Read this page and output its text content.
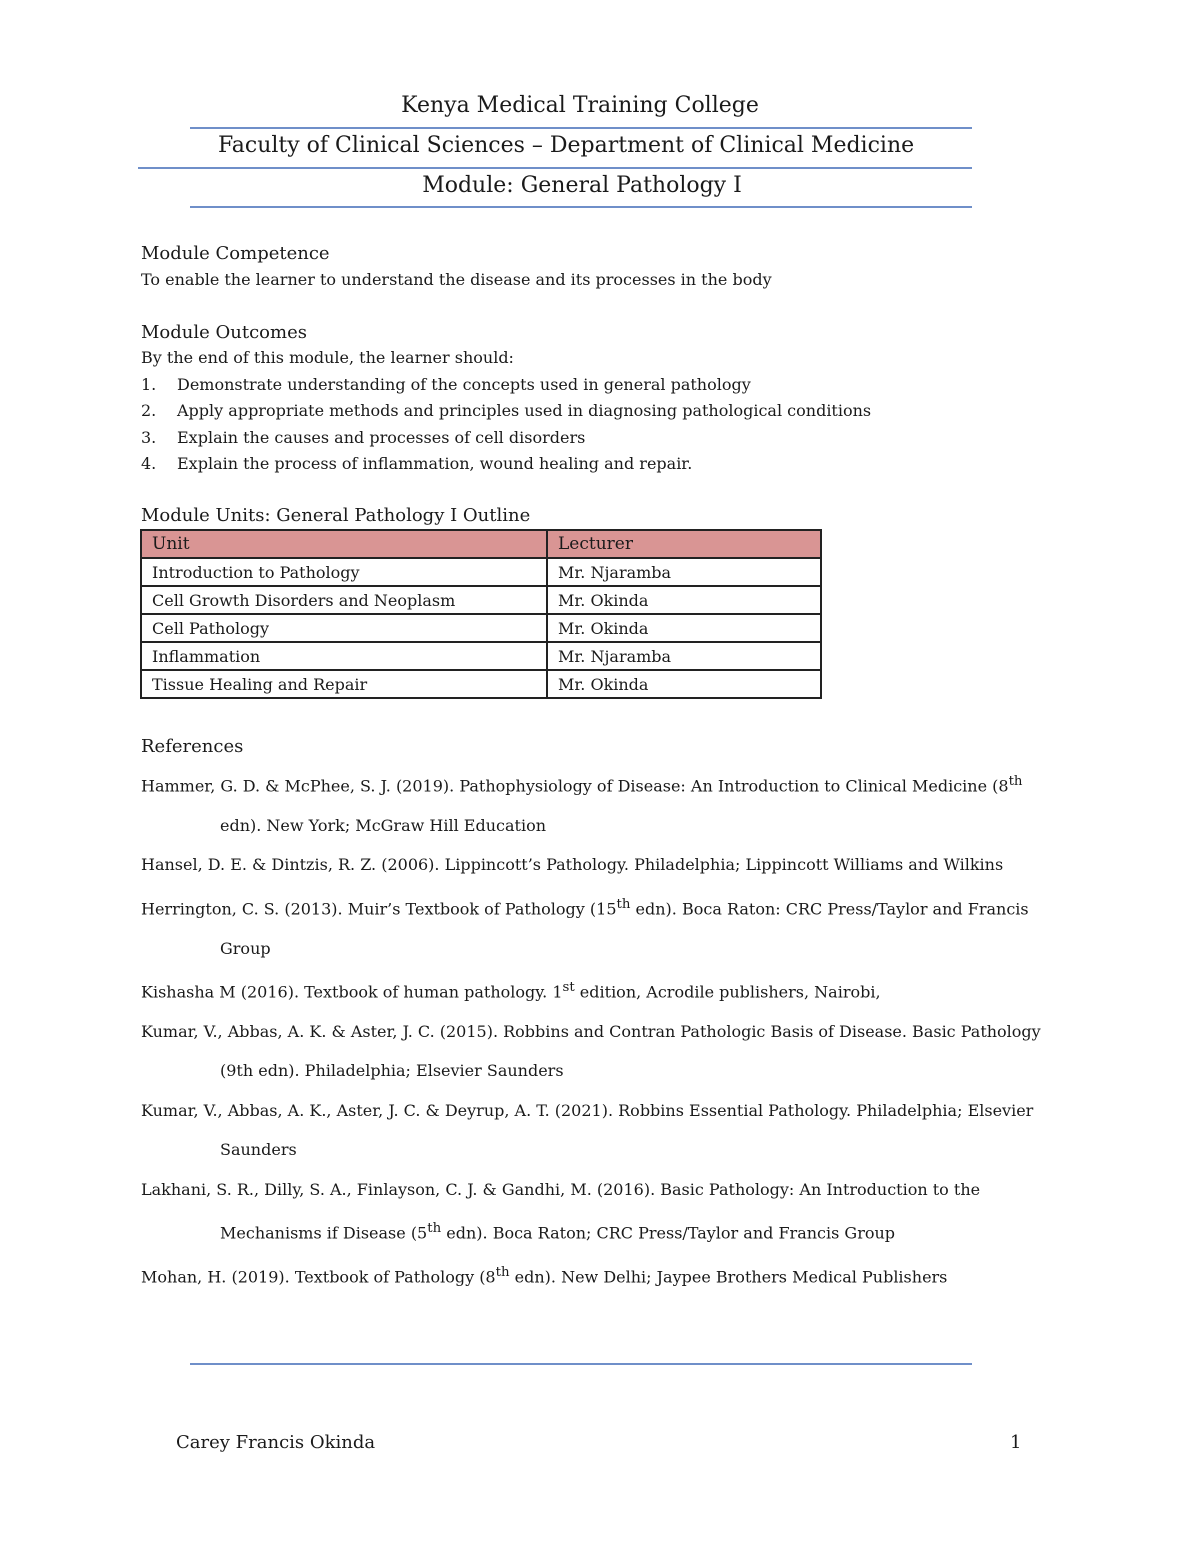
Kenya Medical Training College
Faculty of Clinical Sciences – Department of Clinical Medicine
Module: General Pathology I
Module Competence
To enable the learner to understand the disease and its processes in the body
Module Outcomes
By the end of this module, the learner should:
1.	Demonstrate understanding of the concepts used in general pathology
2.	Apply appropriate methods and principles used in diagnosing pathological conditions
3.	Explain the causes and processes of cell disorders
4.	Explain the process of inflammation, wound healing and repair.
Module Units: General Pathology I Outline
Unit	Lecturer
Introduction to Pathology	Mr. Njaramba
Cell Growth Disorders and Neoplasm	Mr. Okinda
Cell Pathology	Mr. Okinda
Inflammation	Mr. Njaramba
Tissue Healing and Repair	Mr. Okinda
References
Hammer, G. D. & McPhee, S. J. (2019). Pathophysiology of Disease: An Introduction to Clinical Medicine (8th edn). New York; McGraw Hill Education
Hansel, D. E. & Dintzis, R. Z. (2006). Lippincott’s Pathology. Philadelphia; Lippincott Williams and Wilkins
Herrington, C. S. (2013). Muir’s Textbook of Pathology (15th edn). Boca Raton: CRC Press/Taylor and Francis Group
Kishasha M (2016). Textbook of human pathology. 1st edition, Acrodile publishers, Nairobi,
Kumar, V., Abbas, A. K. & Aster, J. C. (2015). Robbins and Contran Pathologic Basis of Disease. Basic Pathology (9th edn). Philadelphia; Elsevier Saunders
Kumar, V., Abbas, A. K., Aster, J. C. & Deyrup, A. T. (2021). Robbins Essential Pathology. Philadelphia; Elsevier Saunders
Lakhani, S. R., Dilly, S. A., Finlayson, C. J. & Gandhi, M. (2016). Basic Pathology: An Introduction to the Mechanisms if Disease (5th edn). Boca Raton; CRC Press/Taylor and Francis Group
Mohan, H. (2019). Textbook of Pathology (8th edn). New Delhi; Jaypee Brothers Medical Publishers
Carey Francis Okinda	1
